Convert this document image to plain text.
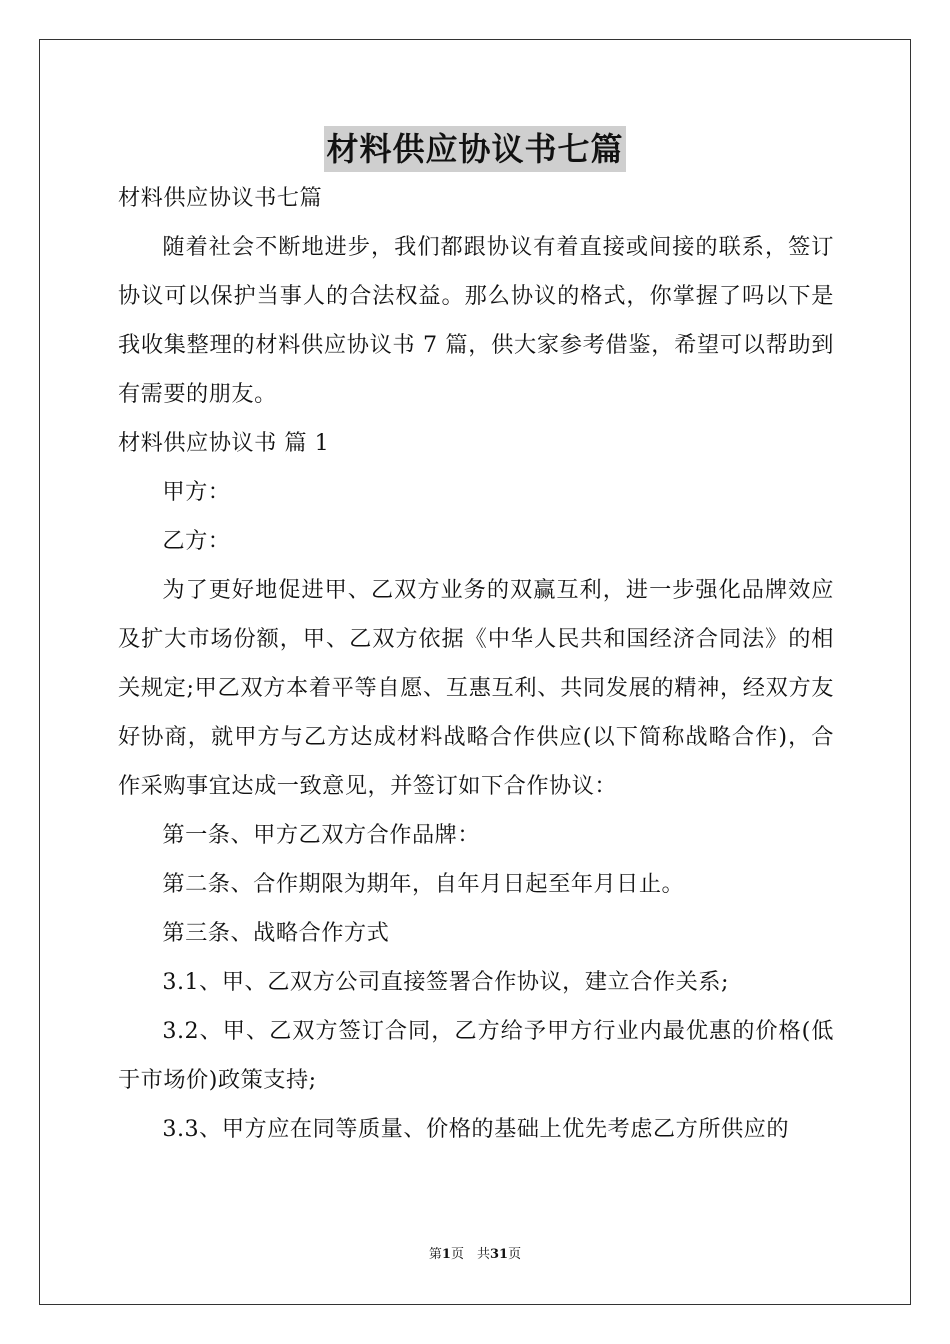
材料供应协议书七篇

材料供应协议书七篇

随着社会不断地进步，我们都跟协议有着直接或间接的联系，签订协议可以保护当事人的合法权益。那么协议的格式，你掌握了吗以下是我收集整理的材料供应协议书 7 篇，供大家参考借鉴，希望可以帮助到有需要的朋友。

材料供应协议书 篇 1

甲方：

乙方：

为了更好地促进甲、乙双方业务的双赢互利，进一步强化品牌效应及扩大市场份额，甲、乙双方依据《中华人民共和国经济合同法》的相关规定;甲乙双方本着平等自愿、互惠互利、共同发展的精神，经双方友好协商，就甲方与乙方达成材料战略合作供应(以下简称战略合作)，合作采购事宜达成一致意见，并签订如下合作协议：

第一条、甲方乙双方合作品牌：

第二条、合作期限为期年，自年月日起至年月日止。

第三条、战略合作方式

3.1、甲、乙双方公司直接签署合作协议，建立合作关系;

3.2、甲、乙双方签订合同，乙方给予甲方行业内最优惠的价格(低于市场价)政策支持;

3.3、甲方应在同等质量、价格的基础上优先考虑乙方所供应的

第1页　共31页
